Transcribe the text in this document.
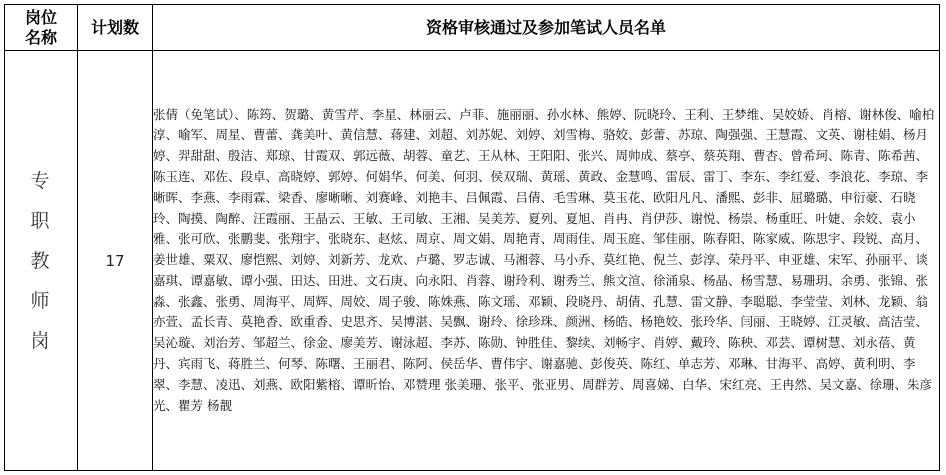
岗位名称	计划数	资格审核通过及参加笔试人员名单
专职教师岗	17	张倩（免笔试）、陈筠、贺璐、黄雪芹、李星、林丽云、卢菲、施丽丽、孙水林、熊婷、阮晓玲、王利、王梦维、吴姣娇、肖榕、谢林俊、喻柏淳、喻军、周星、曹蕾、龚美叶、黄信慧、蒋建、刘超、刘苏妮、刘婷、刘雪梅、骆姣、彭蕾、苏琼、陶强强、王慧霞、文英、谢桂娟、杨月婷、羿甜甜、殷洁、郑琼、甘霞双、郭远薇、胡蓉、童艺、王从林、王阳阳、张兴、周帅成、蔡亭、蔡英翔、曹杏、曾希珂、陈青、陈希茜、陈玉连、邓佐、段卓、高晓婷、郭婷、何娟华、何美、何羽、侯双瑞、黄瑶、黄政、金慧鸣、雷辰、雷丁、李东、李红爱、李浪花、李琼、李晰晖、李燕、李雨霖、梁香、廖晰晰、刘赛峰、刘艳丰、吕佩霞、吕倩、毛雪琳、莫玉花、欧阳凡凡、潘熙、彭非、屈璐璐、申衍豪、石晓玲、陶摸、陶醉、汪霞丽、王晶云、王敏、王司敏、王湘、吴美芳、夏列、夏旭、肖冉、肖伊莎、谢悦、杨崇、杨重旺、叶婕、余姣、袁小雅、张可欣、张鹏斐、张翔宇、张晓东、赵炫、周京、周文娟、周艳青、周雨佳、周玉庭、邹佳丽、陈春阳、陈家威、陈思宇、段锐、高月、姜世雄、粟双、廖恺熙、刘婷、刘新芳、龙欢、卢璐、罗志诚、马湘蓉、马小乔、莫红艳、倪兰、彭淳、荣丹平、申亚雄、宋军、孙丽平、谈嘉琪、谭嘉敏、谭小强、田达、田进、文石庚、向永阳、肖蓉、谢玲利、谢秀兰、熊文渲、徐涌泉、杨晶、杨雪慧、易珊玥、余勇、张锦、张淼、张鑫、张勇、周海平、周辉、周姣、周子骏、陈姝燕、陈文瑶、邓颖、段晓丹、胡倩、孔慧、雷文静、李聪聪、李莹莹、刘林、龙颖、翁亦萱、孟长青、莫艳香、欧重香、史思齐、吴博湛、吴飘、谢玲、徐珍珠、颜洲、杨皓、杨艳姣、张玲华、闫丽、王晓婷、江灵敏、高洁莹、吴沁璇、刘治芳、邹超兰、徐金、廖美芳、谢泳超、李苏、陈勋、钟胜佳、黎续、刘畅宇、肖婷、戴玲、陈秧、邓芸、谭树慧、刘永蓓、黄丹、宾雨飞、蒋胜兰、何琴、陈曙、王丽君、陈阿、侯岳华、曹伟宇、谢嘉驰、彭俊英、陈红、单志芳、邓琳、甘海平、高婷、黄利明、李翠、李慧、凌迅、刘燕、欧阳紫榕、谭昕怡、邓赞理 张美珊、张平、张亚男、周群芳、周喜娣、白华、宋红亮、王冉然、吴文嘉、徐珊、朱彦光、瞿芳 杨靓
